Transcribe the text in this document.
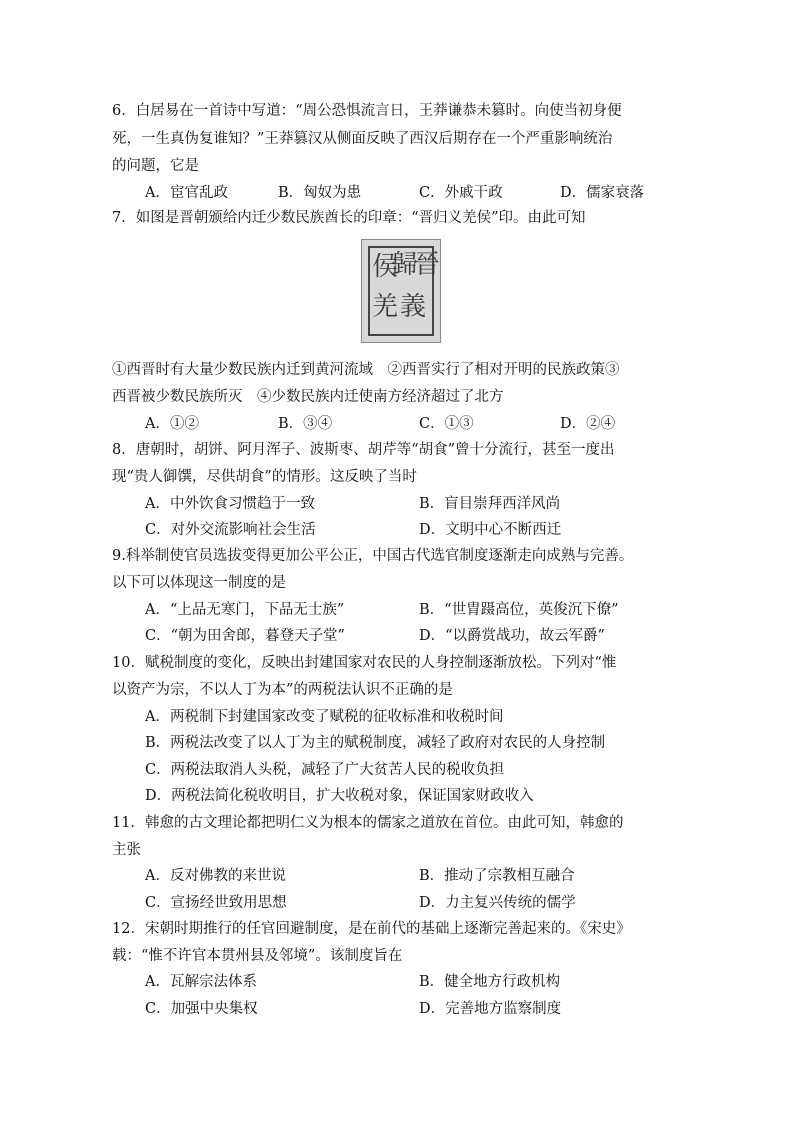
6．白居易在一首诗中写道：“周公恐惧流言日，王莽谦恭未篡时。向使当初身便
死，一生真伪复谁知？”王莽篡汉从侧面反映了西汉后期存在一个严重影响统治
的问题，它是
A．宦官乱政	B．匈奴为患	C．外戚干政	D．儒家衰落
7．如图是晋朝颁给内迁少数民族酋长的印章：“晋归义羌侯”印。由此可知
侯
歸
晉
羌 義
①西晋时有大量少数民族内迁到黄河流域　②西晋实行了相对开明的民族政策③
西晋被少数民族所灭　④少数民族内迁使南方经济超过了北方
A．①②	B．③④	C．①③	D．②④
8．唐朝时，胡饼、阿月浑子、波斯枣、胡芹等“胡食”曾十分流行，甚至一度出
现“贵人御馔，尽供胡食”的情形。这反映了当时
A．中外饮食习惯趋于一致	B．盲目崇拜西洋风尚
C．对外交流影响社会生活	D．文明中心不断西迁
9.科举制使官员选拔变得更加公平公正，中国古代选官制度逐渐走向成熟与完善。
以下可以体现这一制度的是
A．“上品无寒门，下品无士族”	B．“世胄蹑高位，英俊沉下僚”
C．“朝为田舍郎，暮登天子堂”	D．“以爵赏战功，故云军爵”
10．赋税制度的变化，反映出封建国家对农民的人身控制逐渐放松。下列对“惟
以资产为宗，不以人丁为本”的两税法认识不正确的是
A．两税制下封建国家改变了赋税的征收标准和收税时间
B．两税法改变了以人丁为主的赋税制度，减轻了政府对农民的人身控制
C．两税法取消人头税，减轻了广大贫苦人民的税收负担
D．两税法简化税收明目，扩大收税对象，保证国家财政收入
11．韩愈的古文理论都把明仁义为根本的儒家之道放在首位。由此可知，韩愈的
主张
A．反对佛教的来世说	B．推动了宗教相互融合
C．宣扬经世致用思想	D．力主复兴传统的儒学
12．宋朝时期推行的任官回避制度，是在前代的基础上逐渐完善起来的。《宋史》
载：“惟不许官本贯州县及邻境”。该制度旨在
A．瓦解宗法体系	B．健全地方行政机构
C．加强中央集权	D．完善地方监察制度
